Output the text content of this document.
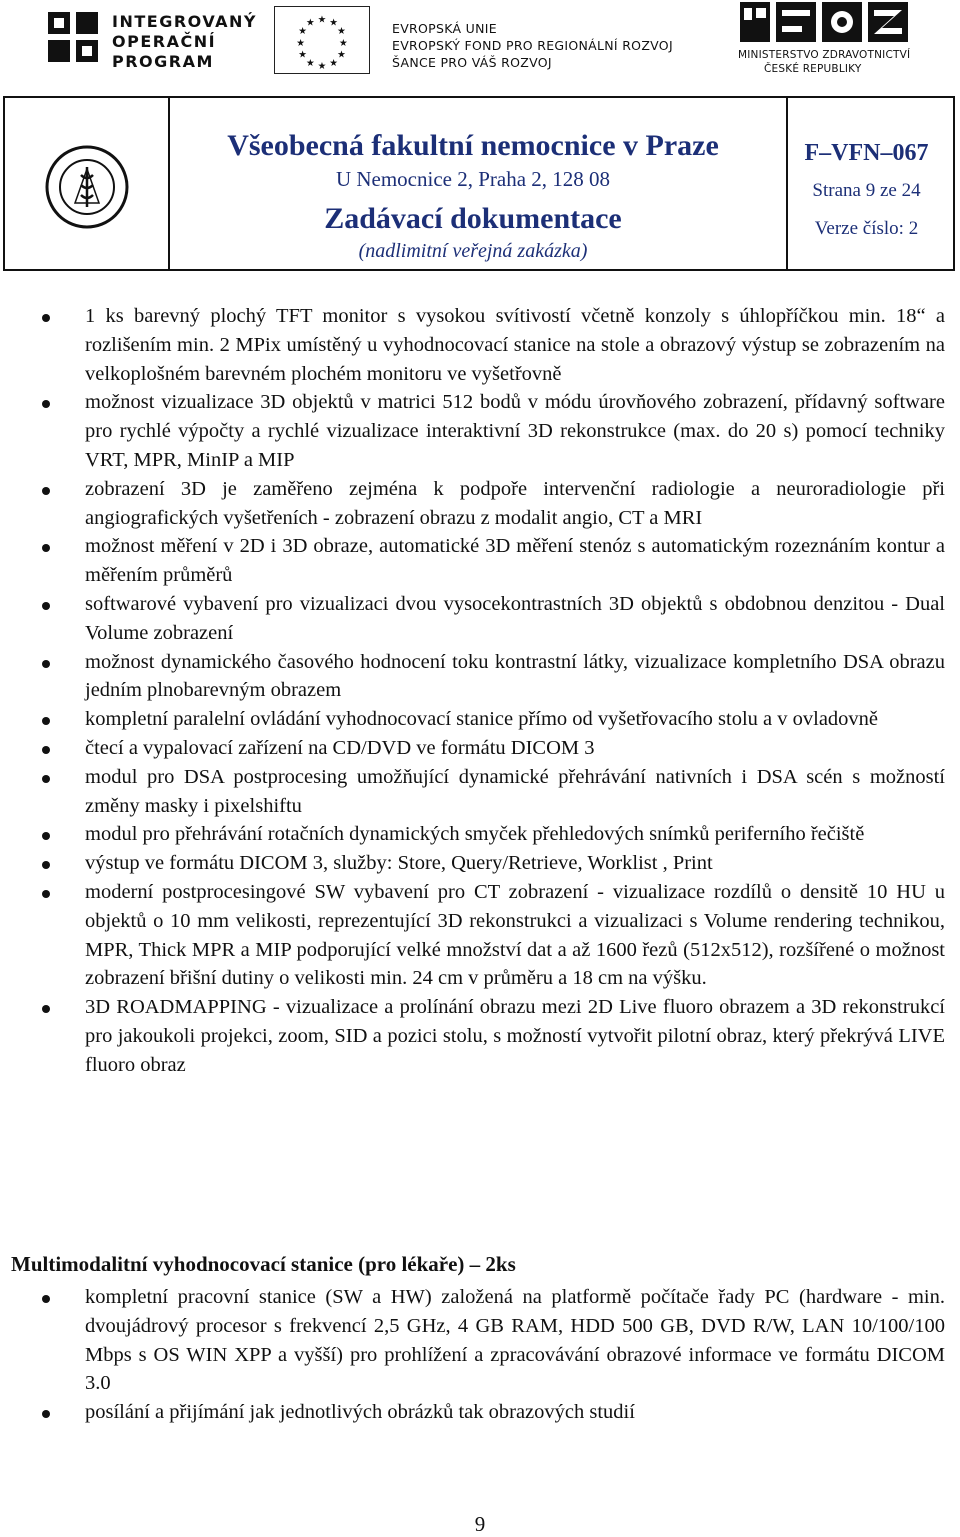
INTEGROVANÝ
OPERAČNÍ
PROGRAM
★ ★
★
★
★
★
★
★
★
★
★
★	EVROPSKÁ UNIE
EVROPSKÝ FOND PRO REGIONÁLNÍ ROZVOJ
ŠANCE PRO VÁŠ ROZVOJ	MINISTERSTVO ZDRAVOTNICTVÍ
ČESKÉ REPUBLIKY
Všeobecná fakultní nemocnice v Praze
U Nemocnice 2, Praha 2, 128 08
Zadávací dokumentace
(nadlimitní veřejná zakázka)
F–VFN–067
Strana 9 ze 24
Verze číslo: 2
1 ks barevný plochý TFT monitor s vysokou svítivostí včetně konzoly s úhlopříčkou min. 18“ a rozlišením min. 2 MPix umístěný u vyhodnocovací stanice na stole a obrazový výstup se zobrazením na velkoplošném barevném plochém monitoru ve vyšetřovně
možnost vizualizace 3D objektů v matrici 512 bodů v módu úrovňového zobrazení, přídavný software pro rychlé výpočty a rychlé vizualizace interaktivní 3D rekonstrukce (max. do 20 s) pomocí techniky VRT, MPR, MinIP a MIP
zobrazení 3D je zaměřeno zejména k podpoře intervenční radiologie a neuroradiologie při angiografických vyšetřeních - zobrazení obrazu z modalit angio, CT a MRI
možnost měření v 2D i 3D obraze, automatické 3D měření stenóz s automatickým rozeznáním kontur a měřením průměrů
softwarové vybavení pro vizualizaci dvou vysocekontrastních 3D objektů s obdobnou denzitou - Dual Volume zobrazení
možnost dynamického časového hodnocení toku kontrastní látky, vizualizace kompletního DSA obrazu jedním plnobarevným obrazem
kompletní paralelní ovládání vyhodnocovací stanice přímo od vyšetřovacího stolu a v ovladovně
čtecí a vypalovací zařízení na CD/DVD ve formátu DICOM 3
modul pro DSA postprocesing umožňující dynamické přehrávání nativních i DSA scén s možností změny masky i pixelshiftu
modul pro přehrávání rotačních dynamických smyček přehledových snímků periferního řečiště
výstup ve formátu DICOM 3, služby: Store, Query/Retrieve, Worklist , Print
moderní postprocesingové SW vybavení pro CT zobrazení - vizualizace rozdílů o densitě 10 HU u objektů o 10 mm velikosti, reprezentující 3D rekonstrukci a vizualizaci s Volume rendering technikou, MPR, Thick MPR a MIP podporující velké množství dat a až 1600 řezů (512x512), rozšířené o možnost zobrazení břišní dutiny o velikosti min. 24 cm v průměru a 18 cm na výšku.
3D ROADMAPPING - vizualizace a prolínání obrazu mezi 2D Live fluoro obrazem a 3D rekonstrukcí pro jakoukoli projekci, zoom, SID a pozici stolu, s možností vytvořit pilotní obraz, který překrývá LIVE fluoro obraz
Multimodalitní vyhodnocovací stanice (pro lékaře) – 2ks
kompletní pracovní stanice (SW a HW) založená na platformě počítače řady PC (hardware - min. dvoujádrový procesor s frekvencí 2,5 GHz, 4 GB RAM, HDD 500 GB, DVD R/W, LAN 10/100/100 Mbps s OS WIN XPP a vyšší) pro prohlížení a zpracovávání obrazové informace ve formátu DICOM 3.0
posílání a přijímání jak jednotlivých obrázků tak obrazových studií
9
